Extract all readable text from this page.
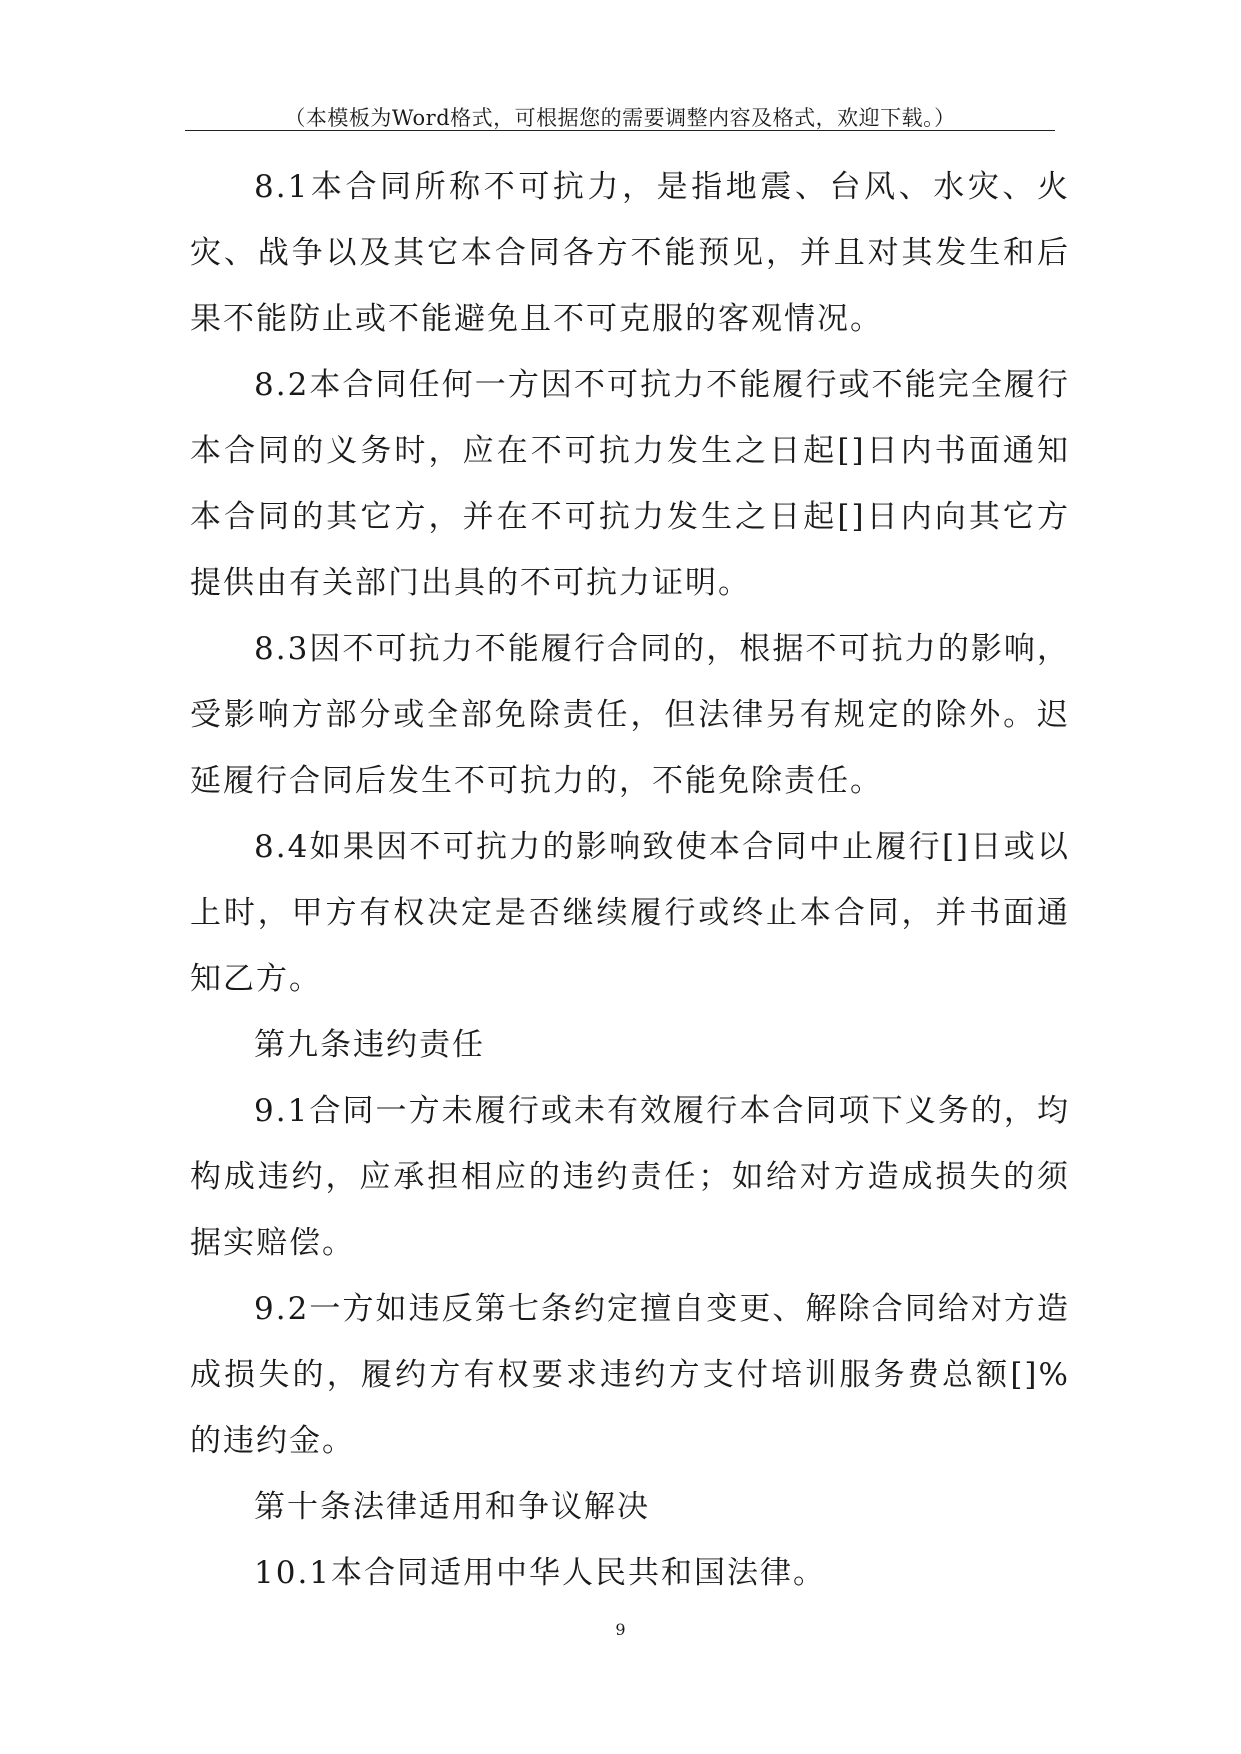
（本模板为Word格式，可根据您的需要调整内容及格式，欢迎下载。）

8.1本合同所称不可抗力，是指地震、台风、水灾、火灾、战争以及其它本合同各方不能预见，并且对其发生和后果不能防止或不能避免且不可克服的客观情况。

8.2本合同任何一方因不可抗力不能履行或不能完全履行本合同的义务时，应在不可抗力发生之日起[]日内书面通知本合同的其它方，并在不可抗力发生之日起[]日内向其它方提供由有关部门出具的不可抗力证明。

8.3因不可抗力不能履行合同的，根据不可抗力的影响，受影响方部分或全部免除责任，但法律另有规定的除外。迟延履行合同后发生不可抗力的，不能免除责任。

8.4如果因不可抗力的影响致使本合同中止履行[]日或以上时，甲方有权决定是否继续履行或终止本合同，并书面通知乙方。

第九条违约责任

9.1合同一方未履行或未有效履行本合同项下义务的，均构成违约，应承担相应的违约责任；如给对方造成损失的须据实赔偿。

9.2一方如违反第七条约定擅自变更、解除合同给对方造成损失的，履约方有权要求违约方支付培训服务费总额[]%的违约金。

第十条法律适用和争议解决

10.1本合同适用中华人民共和国法律。

9
